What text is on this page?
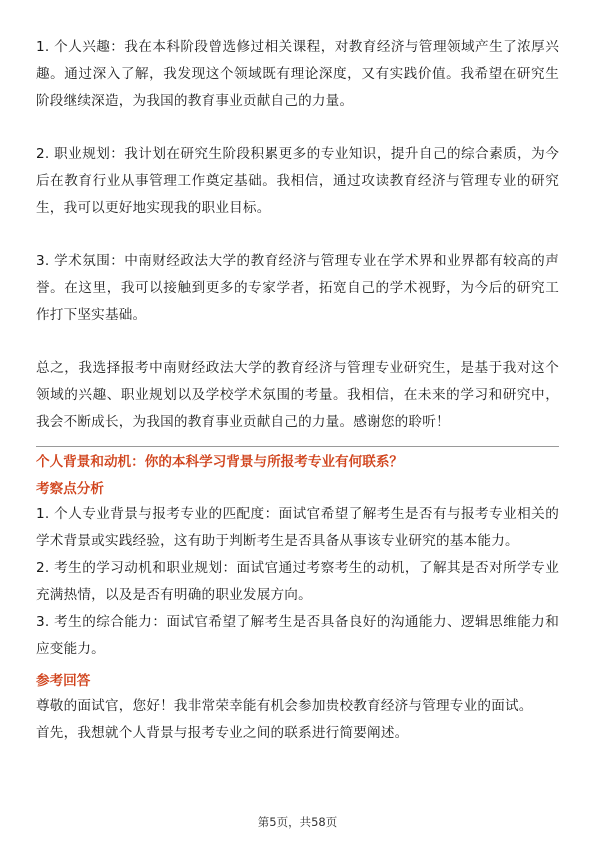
1. 个人兴趣：我在本科阶段曾选修过相关课程，对教育经济与管理领域产生了浓厚兴趣。通过深入了解，我发现这个领域既有理论深度，又有实践价值。我希望在研究生阶段继续深造，为我国的教育事业贡献自己的力量。

2. 职业规划：我计划在研究生阶段积累更多的专业知识，提升自己的综合素质，为今后在教育行业从事管理工作奠定基础。我相信，通过攻读教育经济与管理专业的研究生，我可以更好地实现我的职业目标。

3. 学术氛围：中南财经政法大学的教育经济与管理专业在学术界和业界都有较高的声誉。在这里，我可以接触到更多的专家学者，拓宽自己的学术视野，为今后的研究工作打下坚实基础。

总之，我选择报考中南财经政法大学的教育经济与管理专业研究生，是基于我对这个领域的兴趣、职业规划以及学校学术氛围的考量。我相信，在未来的学习和研究中，我会不断成长，为我国的教育事业贡献自己的力量。感谢您的聆听！

个人背景和动机：你的本科学习背景与所报考专业有何联系？

考察点分析

1. 个人专业背景与报考专业的匹配度：面试官希望了解考生是否有与报考专业相关的学术背景或实践经验，这有助于判断考生是否具备从事该专业研究的基本能力。

2. 考生的学习动机和职业规划：面试官通过考察考生的动机，了解其是否对所学专业充满热情，以及是否有明确的职业发展方向。

3. 考生的综合能力：面试官希望了解考生是否具备良好的沟通能力、逻辑思维能力和应变能力。

参考回答

尊敬的面试官，您好！我非常荣幸能有机会参加贵校教育经济与管理专业的面试。

首先，我想就个人背景与报考专业之间的联系进行简要阐述。

第5页，共58页
